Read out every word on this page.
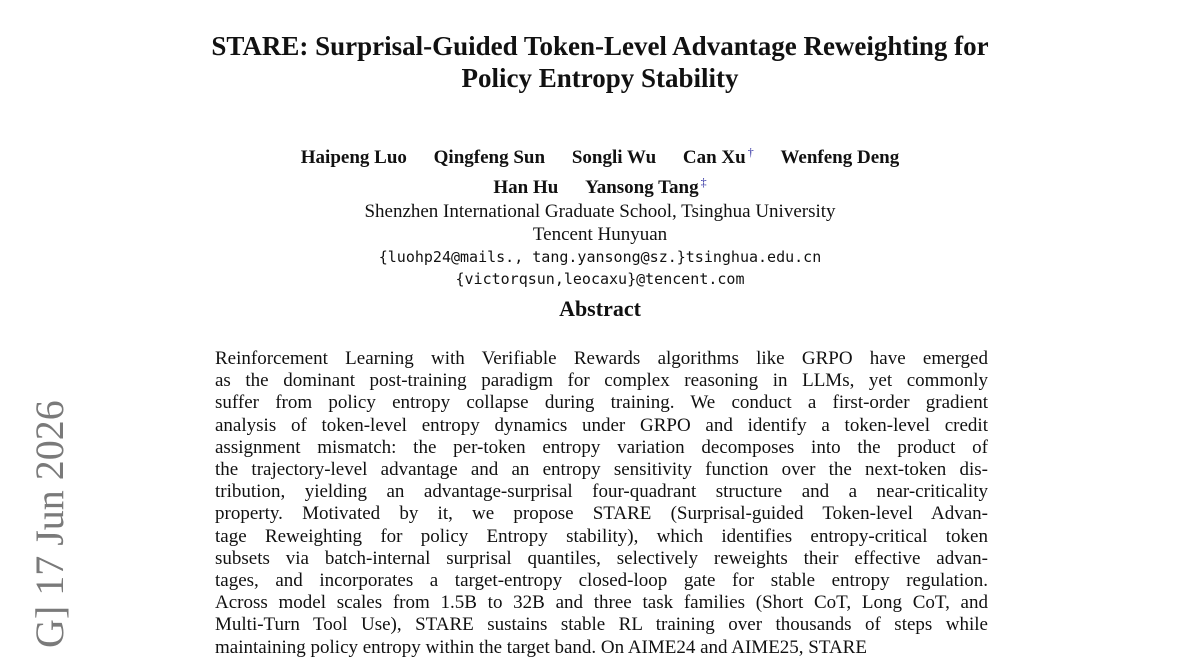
STARE: Surprisal-Guided Token-Level Advantage Reweighting for
Policy Entropy Stability
Haipeng Luo Qingfeng Sun Songli Wu Can Xu † Wenfeng Deng
Han Hu Yansong Tang ‡
Shenzhen International Graduate School, Tsinghua University
Tencent Hunyuan
{luohp24@mails., tang.yansong@sz.}tsinghua.edu.cn
{victorqsun,leocaxu}@tencent.com
Abstract
Reinforcement Learning with Verifiable Rewards algorithms like GRPO have emerged
as the dominant post-training paradigm for complex reasoning in LLMs, yet commonly
suffer from policy entropy collapse during training. We conduct a first-order gradient
analysis of token-level entropy dynamics under GRPO and identify a token-level credit
assignment mismatch: the per-token entropy variation decomposes into the product of
the trajectory-level advantage and an entropy sensitivity function over the next-token dis-
tribution, yielding an advantage-surprisal four-quadrant structure and a near-criticality
property. Motivated by it, we propose STARE (Surprisal-guided Token-level Advan-
tage Reweighting for policy Entropy stability), which identifies entropy-critical token
subsets via batch-internal surprisal quantiles, selectively reweights their effective advan-
tages, and incorporates a target-entropy closed-loop gate for stable entropy regulation.
Across model scales from 1.5B to 32B and three task families (Short CoT, Long CoT, and
Multi-Turn Tool Use), STARE sustains stable RL training over thousands of steps while
maintaining policy entropy within the target band. On AIME24 and AIME25, STARE
G] 17 Jun 2026
